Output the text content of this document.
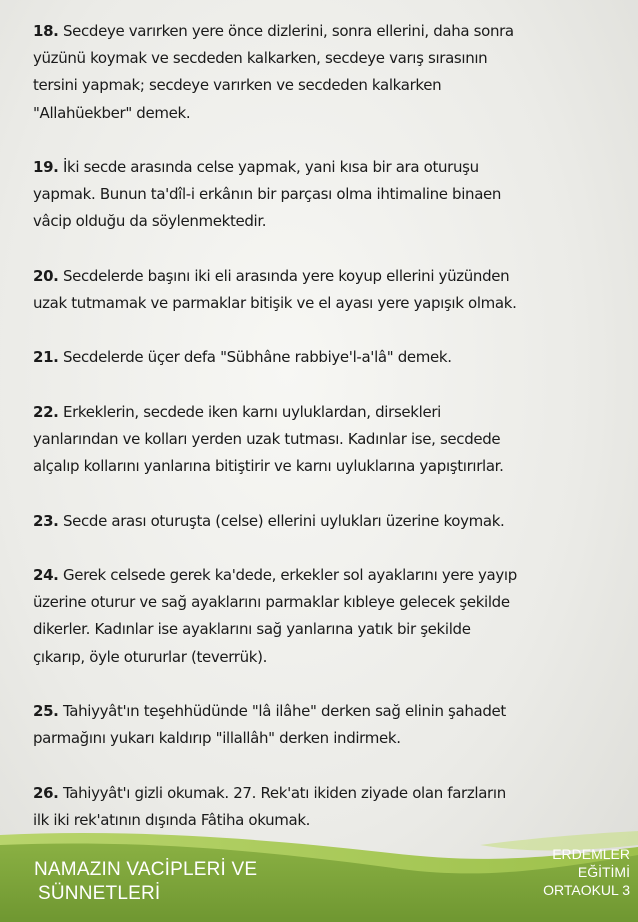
18. Secdeye varırken yere önce dizlerini, sonra ellerini, daha sonra
yüzünü koymak ve secdeden kalkarken, secdeye varış sırasının
tersini yapmak; secdeye varırken ve secdeden kalkarken
"Allahüekber" demek.

19. İki secde arasında celse yapmak, yani kısa bir ara oturuşu
yapmak. Bunun ta'dîl-i erkânın bir parçası olma ihtimaline binaen
vâcip olduğu da söylenmektedir.

20. Secdelerde başını iki eli arasında yere koyup ellerini yüzünden
uzak tutmamak ve parmaklar bitişik ve el ayası yere yapışık olmak.

21. Secdelerde üçer defa "Sübhâne rabbiye'l-a'lâ" demek.

22. Erkeklerin, secdede iken karnı uyluklardan, dirsekleri
yanlarından ve kolları yerden uzak tutması. Kadınlar ise, secdede
alçalıp kollarını yanlarına bitiştirir ve karnı uyluklarına yapıştırırlar.

23. Secde arası oturuşta (celse) ellerini uylukları üzerine koymak.

24. Gerek celsede gerek ka'dede, erkekler sol ayaklarını yere yayıp
üzerine oturur ve sağ ayaklarını parmaklar kıbleye gelecek şekilde
dikerler. Kadınlar ise ayaklarını sağ yanlarına yatık bir şekilde
çıkarıp, öyle otururlar (teverrük).

25. Tahiyyât'ın teşehhüdünde "lâ ilâhe" derken sağ elinin şahadet
parmağını yukarı kaldırıp "illallâh" derken indirmek.

26. Tahiyyât'ı gizli okumak. 27. Rek'atı ikiden ziyade olan farzların
ilk iki rek'atının dışında Fâtiha okumak.

NAMAZIN VACİPLERİ VE
SÜNNETLERİ
ERDEMLER
EĞİTİMİ
ORTAOKUL 3
